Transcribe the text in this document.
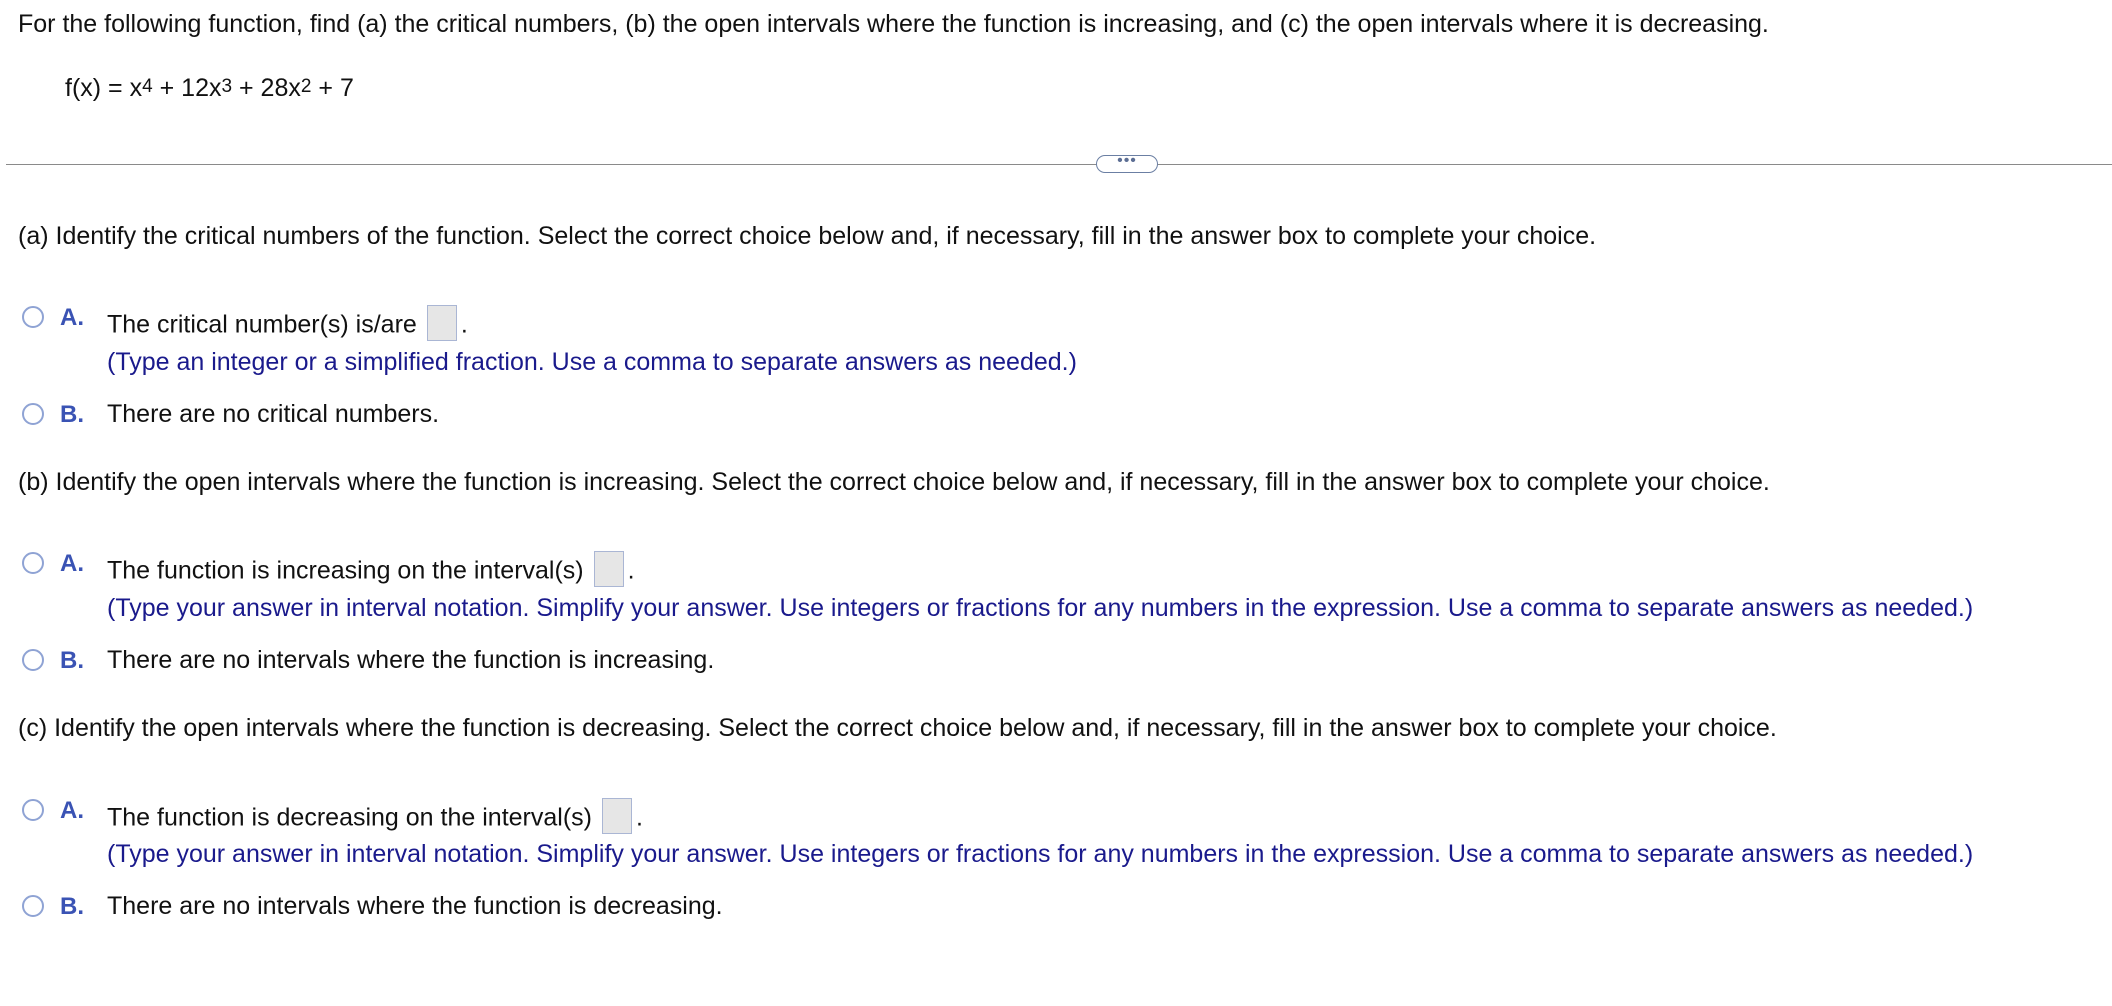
For the following function, find (a) the critical numbers, (b) the open intervals where the function is increasing, and (c) the open intervals where it is decreasing.
$f(x) = x^4 + 12x^3 + 28x^2 + 7$
•••
(a) Identify the critical numbers of the function. Select the correct choice below and, if necessary, fill in the answer box to complete your choice.
A. The critical number(s) is/are .
(Type an integer or a simplified fraction. Use a comma to separate answers as needed.)
B. There are no critical numbers.
(b) Identify the open intervals where the function is increasing. Select the correct choice below and, if necessary, fill in the answer box to complete your choice.
A. The function is increasing on the interval(s) .
(Type your answer in interval notation. Simplify your answer. Use integers or fractions for any numbers in the expression. Use a comma to separate answers as needed.)
B. There are no intervals where the function is increasing.
(c) Identify the open intervals where the function is decreasing. Select the correct choice below and, if necessary, fill in the answer box to complete your choice.
A. The function is decreasing on the interval(s) .
(Type your answer in interval notation. Simplify your answer. Use integers or fractions for any numbers in the expression. Use a comma to separate answers as needed.)
B. There are no intervals where the function is decreasing.
